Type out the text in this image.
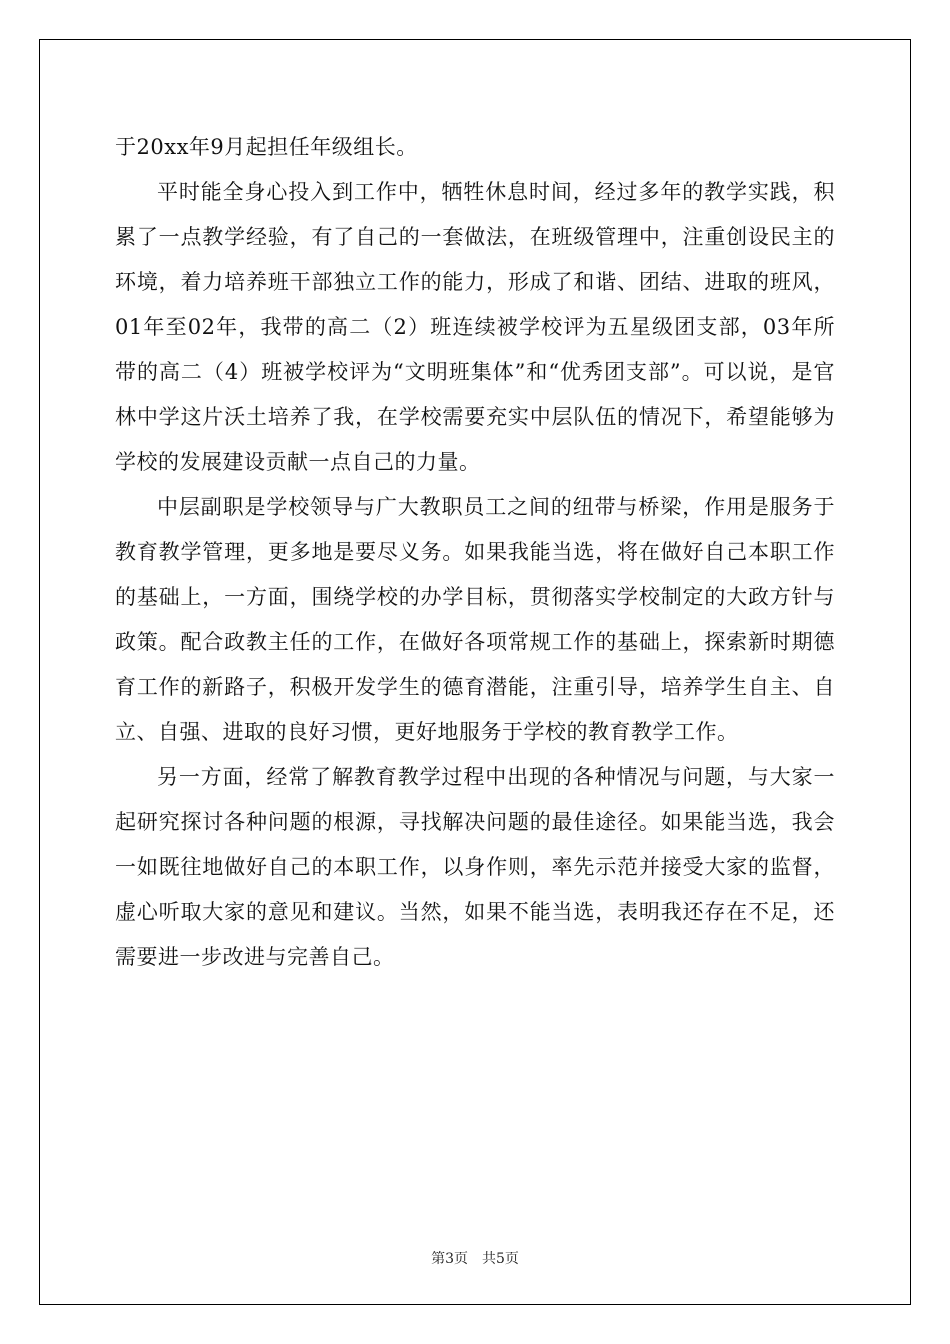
于20xx年9月起担任年级组长。

平时能全身心投入到工作中，牺牲休息时间，经过多年的教学实践，积累了一点教学经验，有了自己的一套做法，在班级管理中，注重创设民主的环境，着力培养班干部独立工作的能力，形成了和谐、团结、进取的班风，01年至02年，我带的高二（2）班连续被学校评为五星级团支部，03年所带的高二（4）班被学校评为“文明班集体”和“优秀团支部”。可以说，是官林中学这片沃土培养了我，在学校需要充实中层队伍的情况下，希望能够为学校的发展建设贡献一点自己的力量。

中层副职是学校领导与广大教职员工之间的纽带与桥梁，作用是服务于教育教学管理，更多地是要尽义务。如果我能当选，将在做好自己本职工作的基础上，一方面，围绕学校的办学目标，贯彻落实学校制定的大政方针与政策。配合政教主任的工作，在做好各项常规工作的基础上，探索新时期德育工作的新路子，积极开发学生的德育潜能，注重引导，培养学生自主、自立、自强、进取的良好习惯，更好地服务于学校的教育教学工作。

另一方面，经常了解教育教学过程中出现的各种情况与问题，与大家一起研究探讨各种问题的根源，寻找解决问题的最佳途径。如果能当选，我会一如既往地做好自己的本职工作，以身作则，率先示范并接受大家的监督，虚心听取大家的意见和建议。当然，如果不能当选，表明我还存在不足，还需要进一步改进与完善自己。

第3页　共5页
